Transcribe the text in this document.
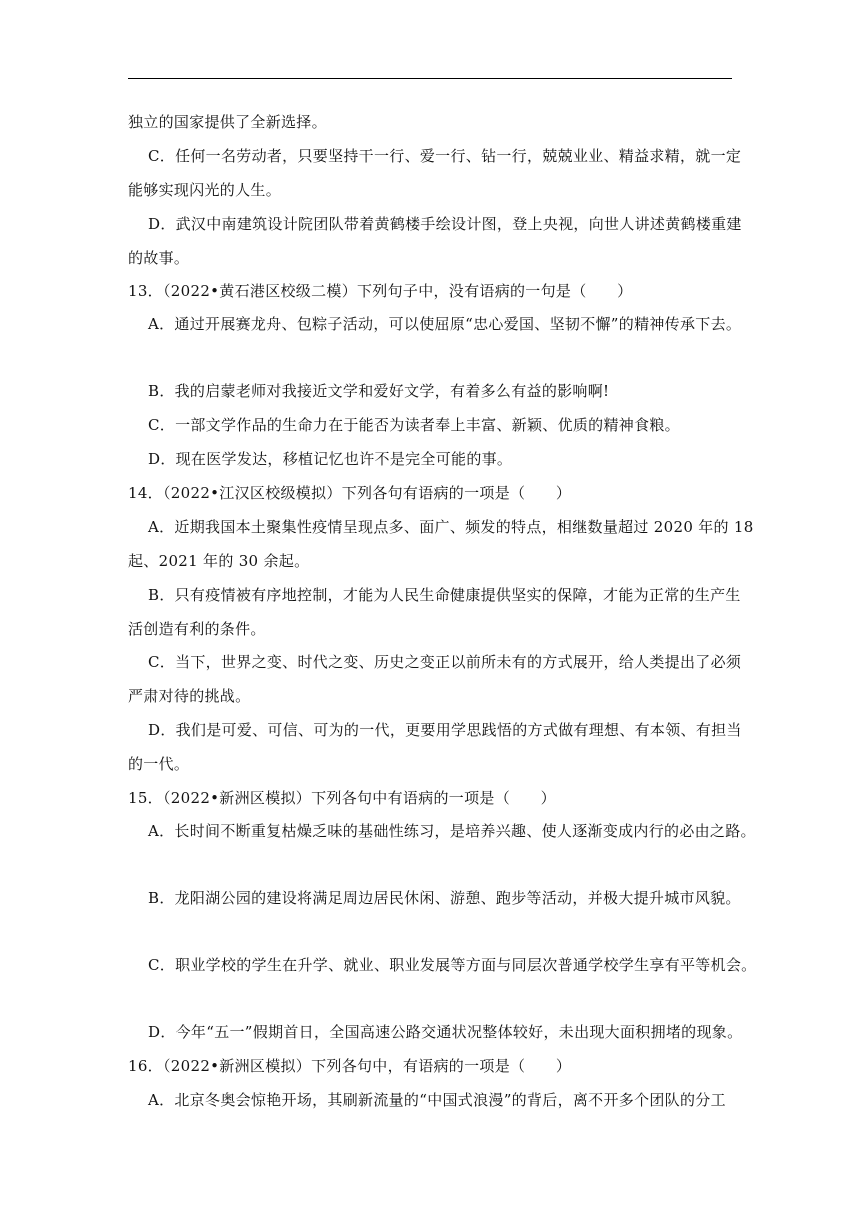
独立的国家提供了全新选择。
C．任何一名劳动者，只要坚持干一行、爱一行、钻一行，兢兢业业、精益求精，就一定
能够实现闪光的人生。
D．武汉中南建筑设计院团队带着黄鹤楼手绘设计图，登上央视，向世人讲述黄鹤楼重建
的故事。
13．（2022•黄石港区校级二模）下列句子中，没有语病的一句是（　　）
A．通过开展赛龙舟、包粽子活动，可以使屈原“忠心爱国、坚韧不懈”的精神传承下去。
B．我的启蒙老师对我接近文学和爱好文学，有着多么有益的影响啊!
C．一部文学作品的生命力在于能否为读者奉上丰富、新颖、优质的精神食粮。
D．现在医学发达，移植记忆也许不是完全可能的事。
14．（2022•江汉区校级模拟）下列各句有语病的一项是（　　）
A．近期我国本土聚集性疫情呈现点多、面广、频发的特点，相继数量超过 2020 年的 18
起、2021 年的 30 余起。
B．只有疫情被有序地控制，才能为人民生命健康提供坚实的保障，才能为正常的生产生
活创造有利的条件。
C．当下，世界之变、时代之变、历史之变正以前所未有的方式展开，给人类提出了必须
严肃对待的挑战。
D．我们是可爱、可信、可为的一代，更要用学思践悟的方式做有理想、有本领、有担当
的一代。
15．（2022•新洲区模拟）下列各句中有语病的一项是（　　）
A．长时间不断重复枯燥乏味的基础性练习，是培养兴趣、使人逐渐变成内行的必由之路。
B．龙阳湖公园的建设将满足周边居民休闲、游憩、跑步等活动，并极大提升城市风貌。
C．职业学校的学生在升学、就业、职业发展等方面与同层次普通学校学生享有平等机会。
D．今年“五一”假期首日，全国高速公路交通状况整体较好，未出现大面积拥堵的现象。
16．（2022•新洲区模拟）下列各句中，有语病的一项是（　　）
A．北京冬奥会惊艳开场，其刷新流量的“中国式浪漫”的背后，离不开多个团队的分工
